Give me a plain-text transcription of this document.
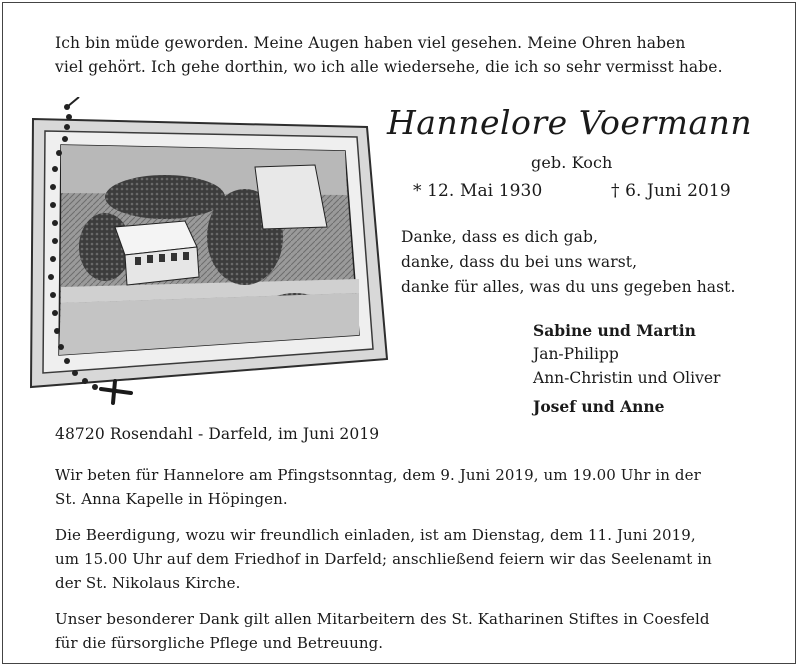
Ich bin müde geworden. Meine Augen haben viel gesehen. Meine Ohren haben
viel gehört. Ich gehe dorthin, wo ich alle wiedersehe, die ich so sehr vermisst habe.
Hannelore Voermann
geb. Koch
* 12. Mai 1930	† 6. Juni 2019
Danke, dass es dich gab,
danke, dass du bei uns warst,
danke für alles, was du uns gegeben hast.
Sabine und Martin
Jan-Philipp
Ann-Christin und Oliver
Josef und Anne
48720 Rosendahl - Darfeld, im Juni 2019
Wir beten für Hannelore am Pfingstsonntag, dem 9. Juni 2019, um 19.00 Uhr in der
St. Anna Kapelle in Höpingen.
Die Beerdigung, wozu wir freundlich einladen, ist am Dienstag, dem 11. Juni 2019,
um 15.00 Uhr auf dem Friedhof in Darfeld; anschließend feiern wir das Seelenamt in
der St. Nikolaus Kirche.
Unser besonderer Dank gilt allen Mitarbeitern des St. Katharinen Stiftes in Coesfeld
für die fürsorgliche Pflege und Betreuung.
